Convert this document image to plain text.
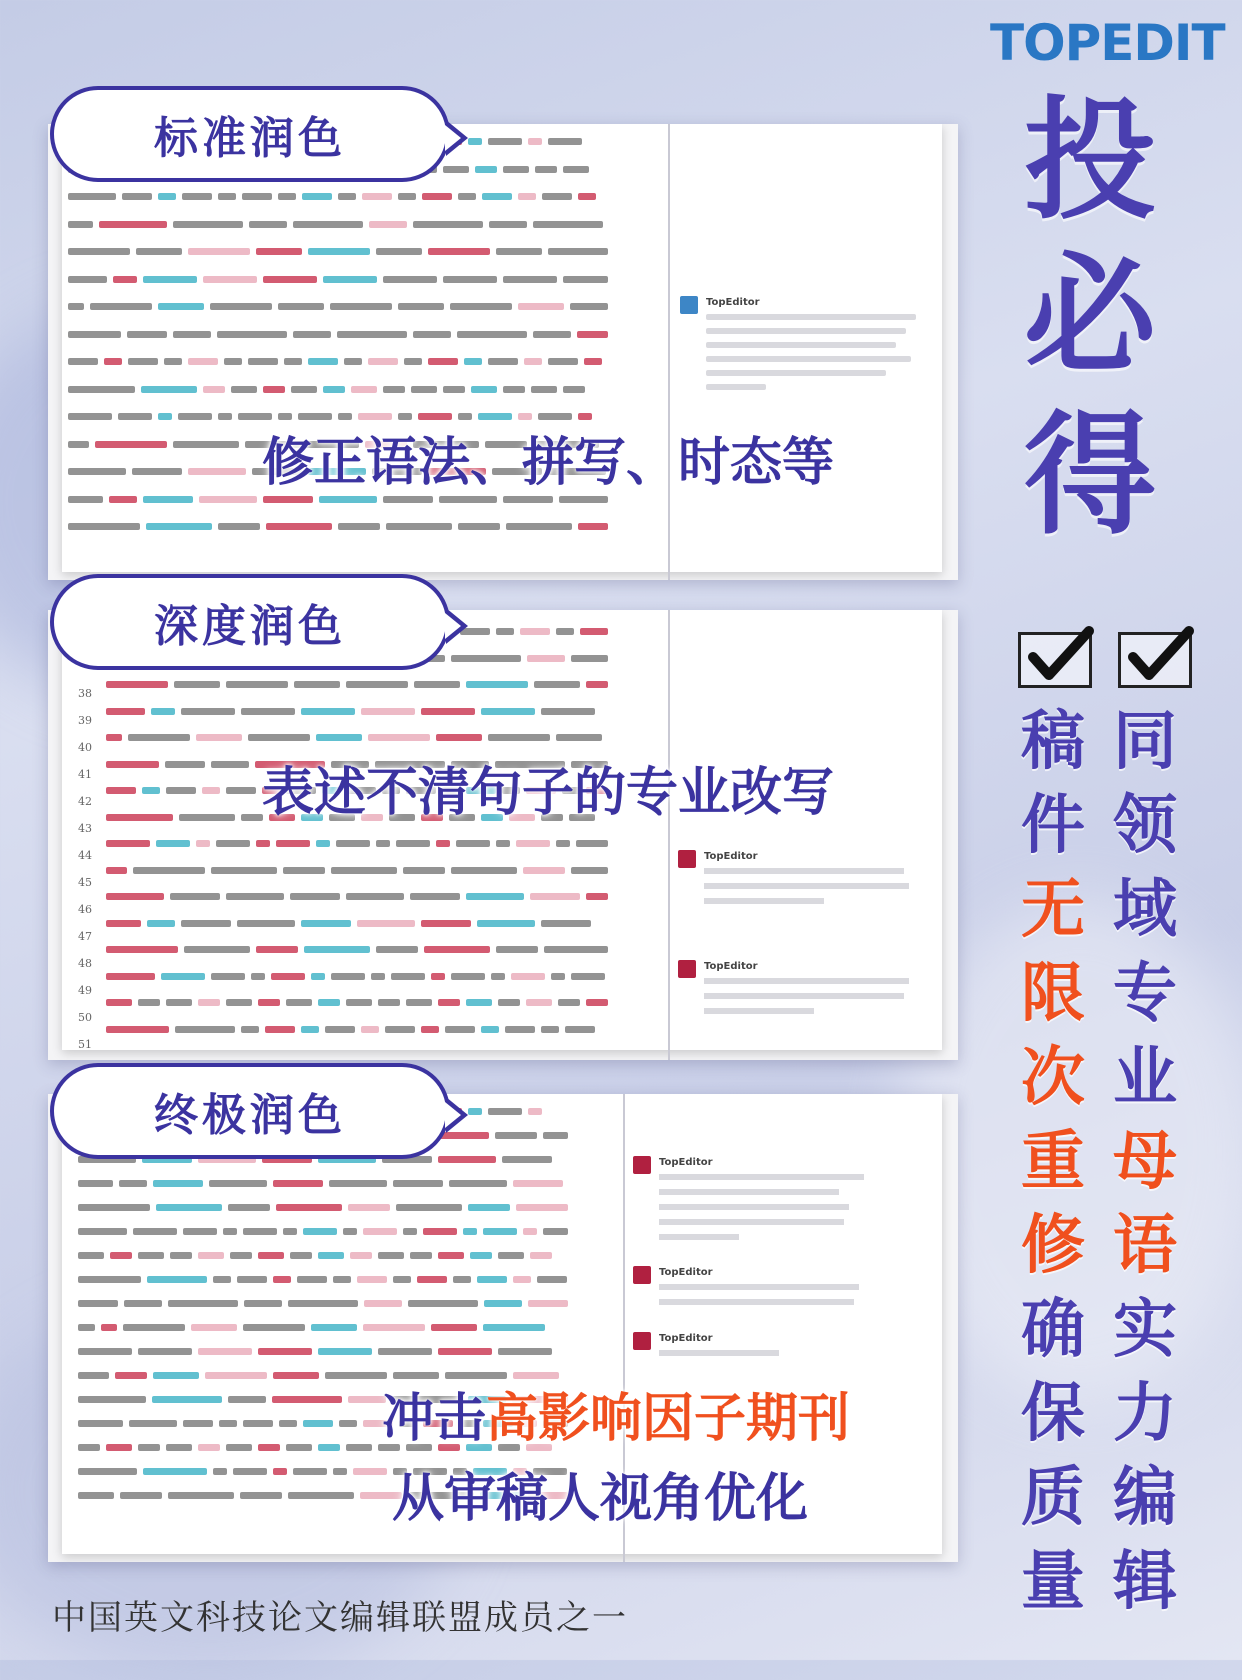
TOPEDIT
投
必
得
稿
件
无
限
次
重
修
确
保
质
量
同
领
域
专
业
母
语
实
力
编
辑
TopEditor
标准润色
修正语法、拼写、时态等
38
39
40
41
42
43
44
45
46
47
48
49
50
51
TopEditor
TopEditor
深度润色
表述不清句子的专业改写
TopEditor
TopEditor
TopEditor
终极润色
冲击高影响因子期刊
从审稿人视角优化
中国英文科技论文编辑联盟成员之一
